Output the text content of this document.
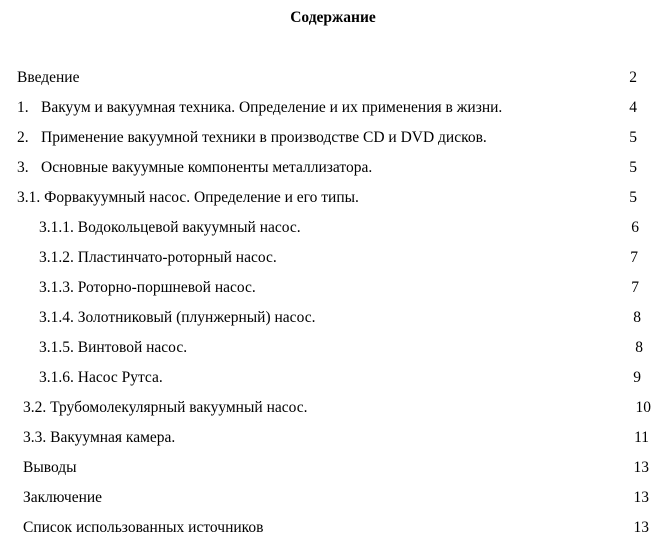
Содержание
Введение	2
1. Вакуум и вакуумная техника. Определение и их применения в жизни.	4
2. Применение вакуумной техники в производстве CD и DVD дисков.	5
3. Основные вакуумные компоненты металлизатора.	5
3.1. Форвакуумный насос. Определение и его типы.	5
3.1.1. Водокольцевой вакуумный насос.	6
3.1.2. Пластинчато-роторный насос.	7
3.1.3. Роторно-поршневой насос.	7
3.1.4. Золотниковый (плунжерный) насос.	8
3.1.5. Винтовой насос.	8
3.1.6. Насос Рутса.	9
3.2. Трубомолекулярный вакуумный насос.	10
3.3. Вакуумная камера.	11
Выводы	13
Заключение	13
Список использованных источников	13
